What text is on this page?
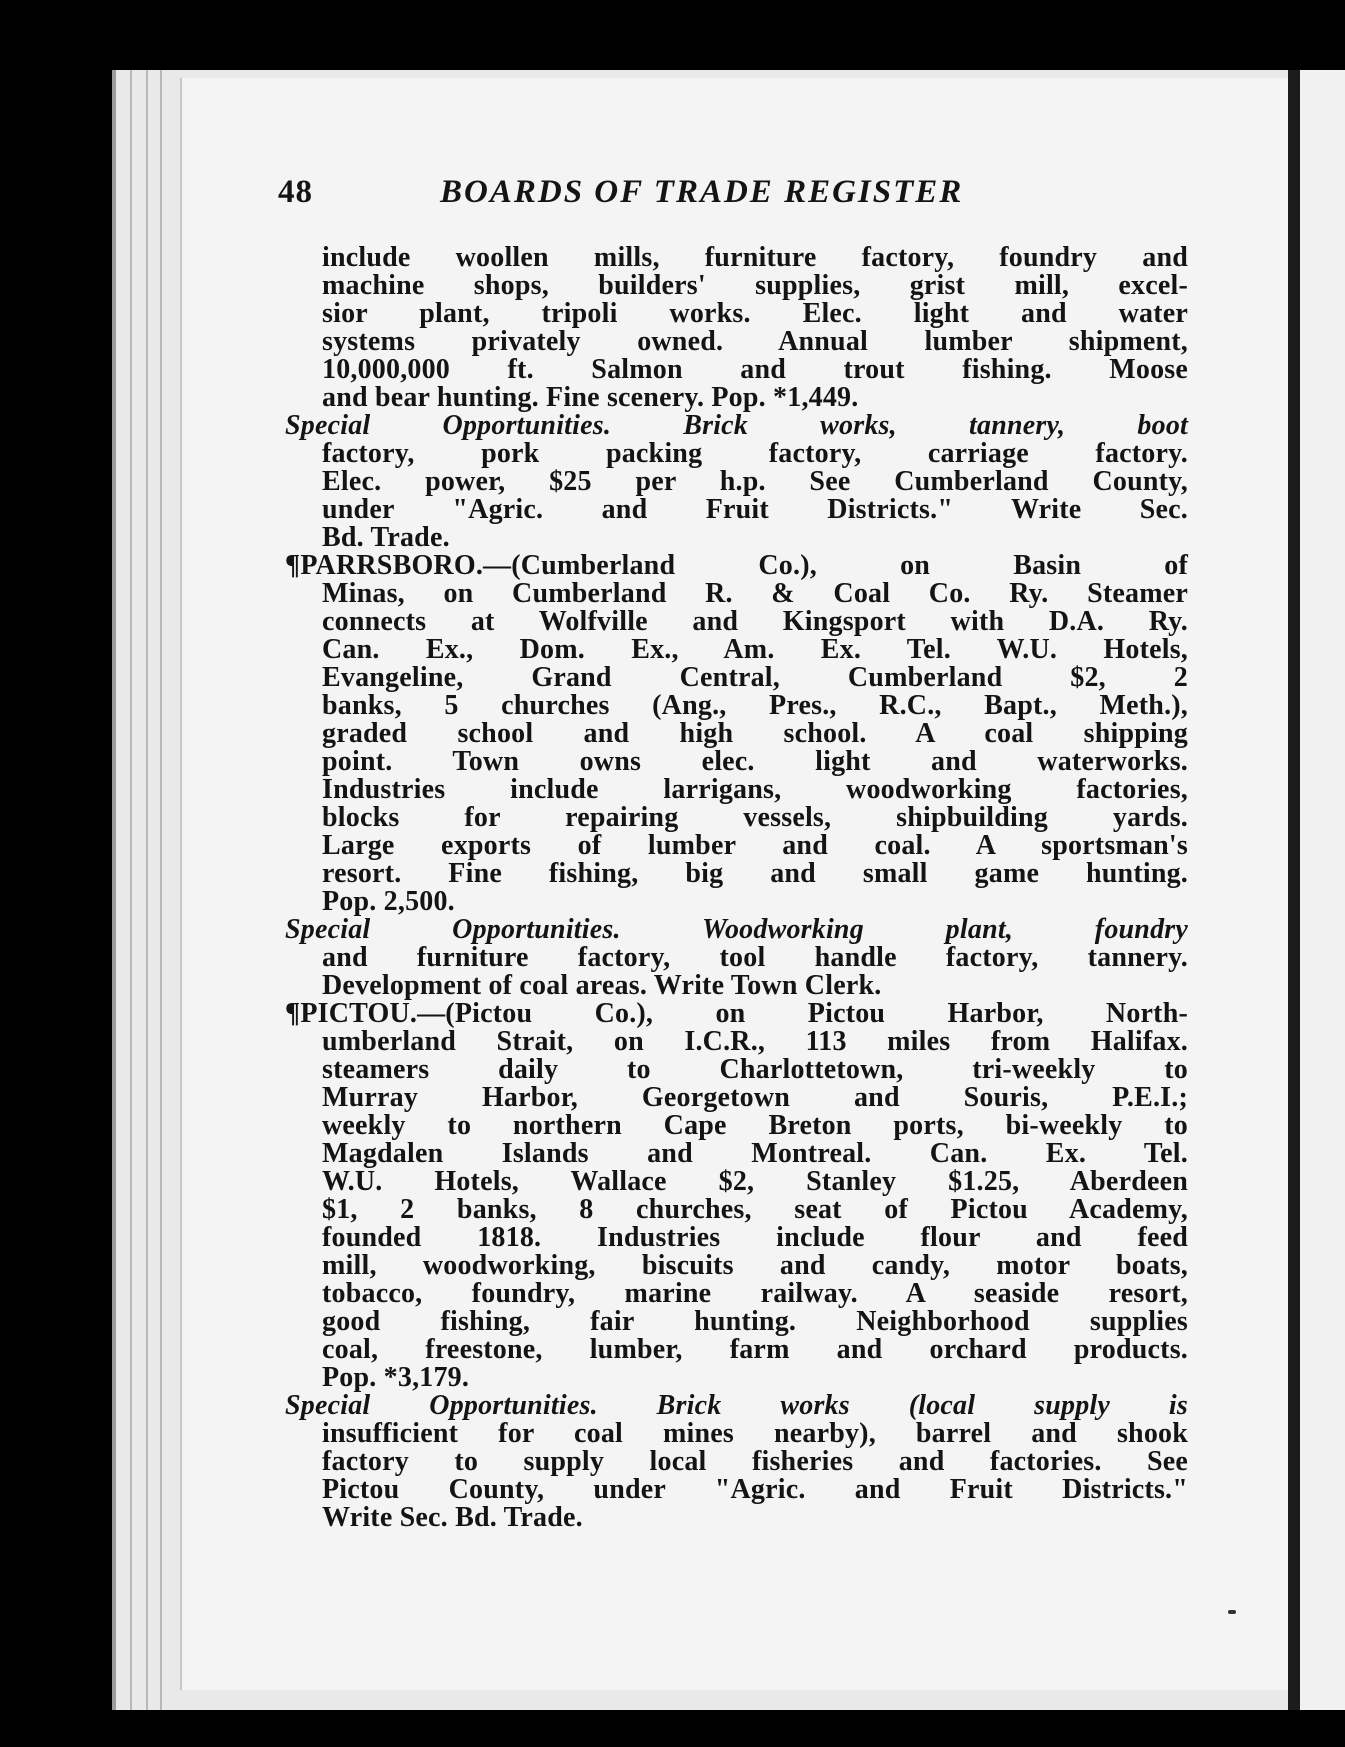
48	BOARDS OF TRADE REGISTER
include woollen mills, furniture factory, foundry and
machine shops, builders' supplies, grist mill, excel-
sior plant, tripoli works. Elec. light and water
systems privately owned. Annual lumber shipment,
10,000,000 ft. Salmon and trout fishing. Moose
and bear hunting. Fine scenery. Pop. *1,449.
Special Opportunities. Brick works, tannery, boot
factory, pork packing factory, carriage factory.
Elec. power, $25 per h.p. See Cumberland County,
under "Agric. and Fruit Districts." Write Sec.
Bd. Trade.
¶PARRSBORO.—(Cumberland Co.), on Basin of
Minas, on Cumberland R. & Coal Co. Ry. Steamer
connects at Wolfville and Kingsport with D.A. Ry.
Can. Ex., Dom. Ex., Am. Ex. Tel. W.U. Hotels,
Evangeline, Grand Central, Cumberland $2, 2
banks, 5 churches (Ang., Pres., R.C., Bapt., Meth.),
graded school and high school. A coal shipping
point. Town owns elec. light and waterworks.
Industries include larrigans, woodworking factories,
blocks for repairing vessels, shipbuilding yards.
Large exports of lumber and coal. A sportsman's
resort. Fine fishing, big and small game hunting.
Pop. 2,500.
Special Opportunities. Woodworking plant, foundry
and furniture factory, tool handle factory, tannery.
Development of coal areas. Write Town Clerk.
¶PICTOU.—(Pictou Co.), on Pictou Harbor, North-
umberland Strait, on I.C.R., 113 miles from Halifax.
steamers daily to Charlottetown, tri-weekly to
Murray Harbor, Georgetown and Souris, P.E.I.;
weekly to northern Cape Breton ports, bi-weekly to
Magdalen Islands and Montreal. Can. Ex. Tel.
W.U. Hotels, Wallace $2, Stanley $1.25, Aberdeen
$1, 2 banks, 8 churches, seat of Pictou Academy,
founded 1818. Industries include flour and feed
mill, woodworking, biscuits and candy, motor boats,
tobacco, foundry, marine railway. A seaside resort,
good fishing, fair hunting. Neighborhood supplies
coal, freestone, lumber, farm and orchard products.
Pop. *3,179.
Special Opportunities. Brick works (local supply is
insufficient for coal mines nearby), barrel and shook
factory to supply local fisheries and factories. See
Pictou County, under "Agric. and Fruit Districts."
Write Sec. Bd. Trade.
